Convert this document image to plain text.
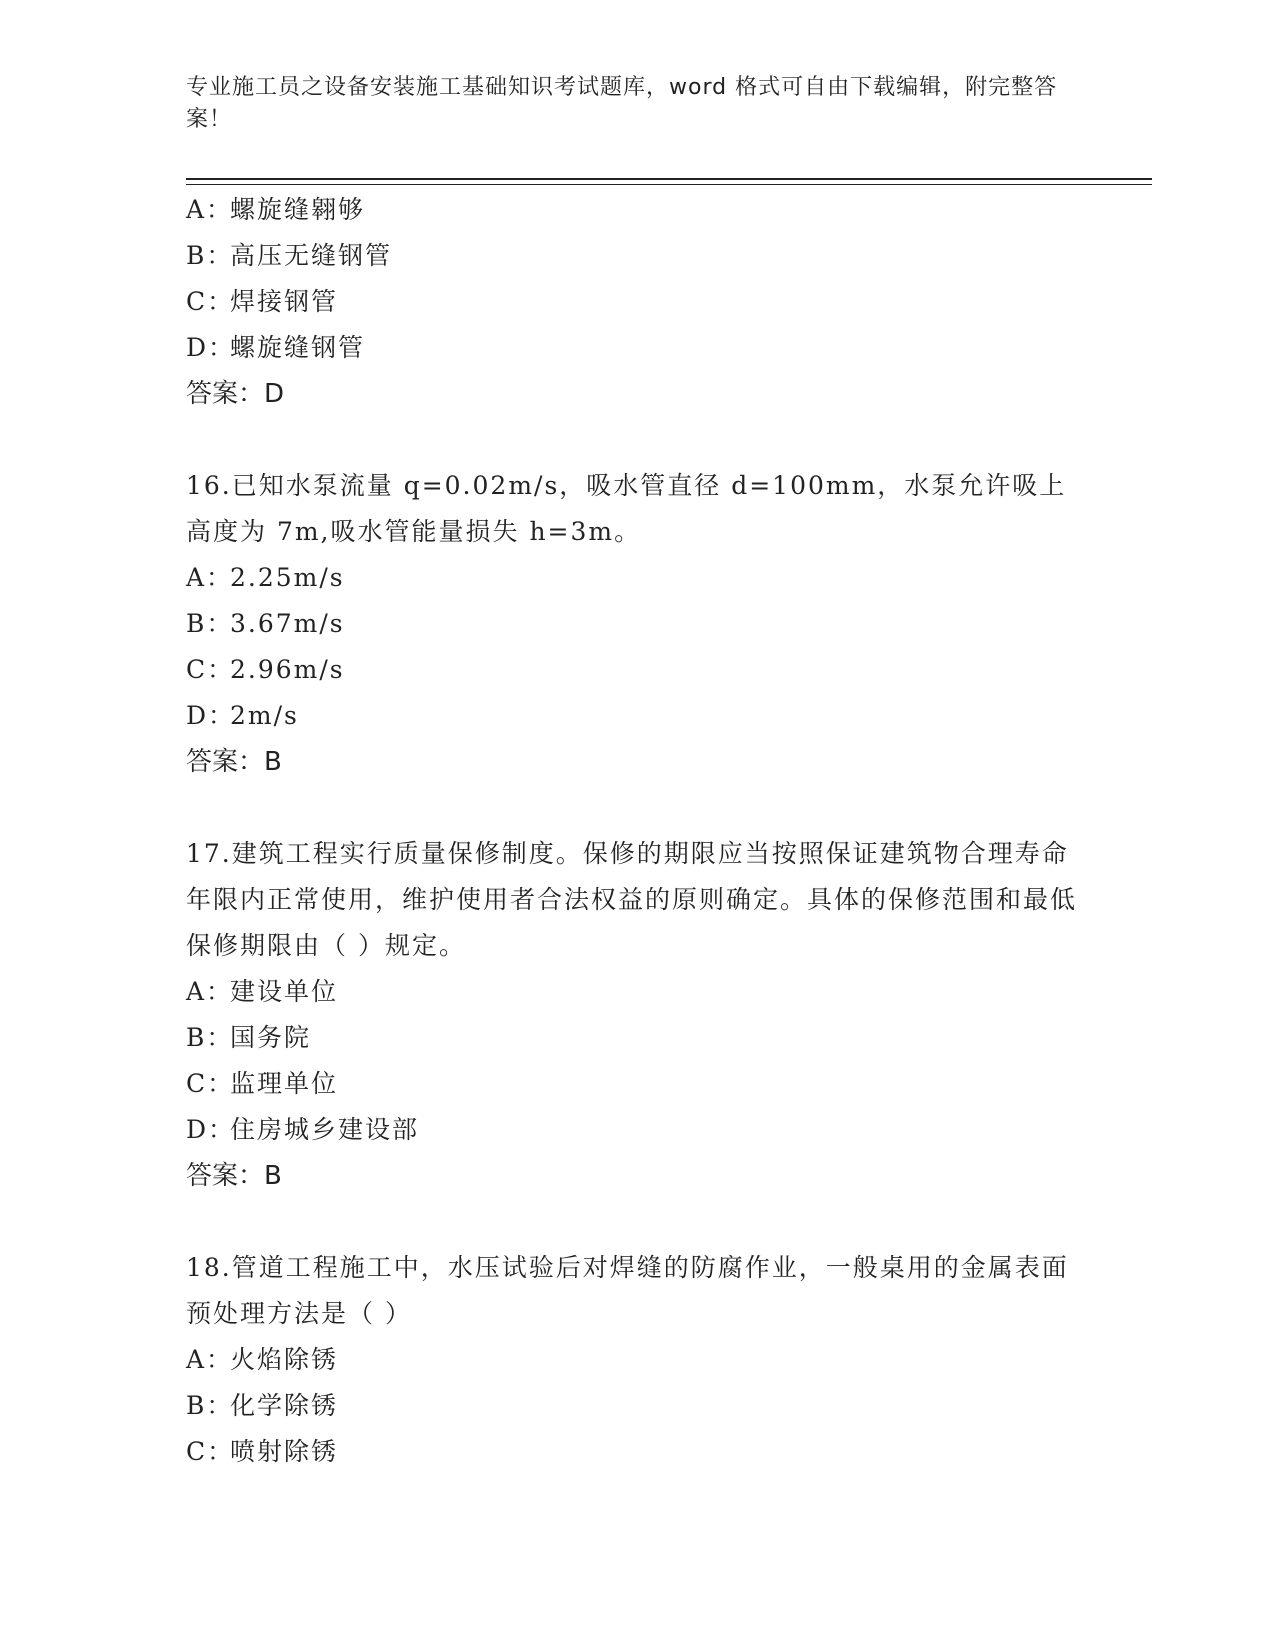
专业施工员之设备安装施工基础知识考试题库，word 格式可自由下载编辑，附完整答案！
A：螺旋缝翱够
B：高压无缝钢管
C：焊接钢管
D：螺旋缝钢管
答案：D
16.已知水泵流量 q=0.02m/s，吸水管直径 d=100mm，水泵允许吸上高度为 7m,吸水管能量损失 h=3m。
A：2.25m/s
B：3.67m/s
C：2.96m/s
D：2m/s
答案：B
17.建筑工程实行质量保修制度。保修的期限应当按照保证建筑物合理寿命年限内正常使用，维护使用者合法权益的原则确定。具体的保修范围和最低保修期限由（ ）规定。
A：建设单位
B：国务院
C：监理单位
D：住房城乡建设部
答案：B
18.管道工程施工中，水压试验后对焊缝的防腐作业，一般桌用的金属表面预处理方法是（ ）
A：火焰除锈
B：化学除锈
C：喷射除锈
